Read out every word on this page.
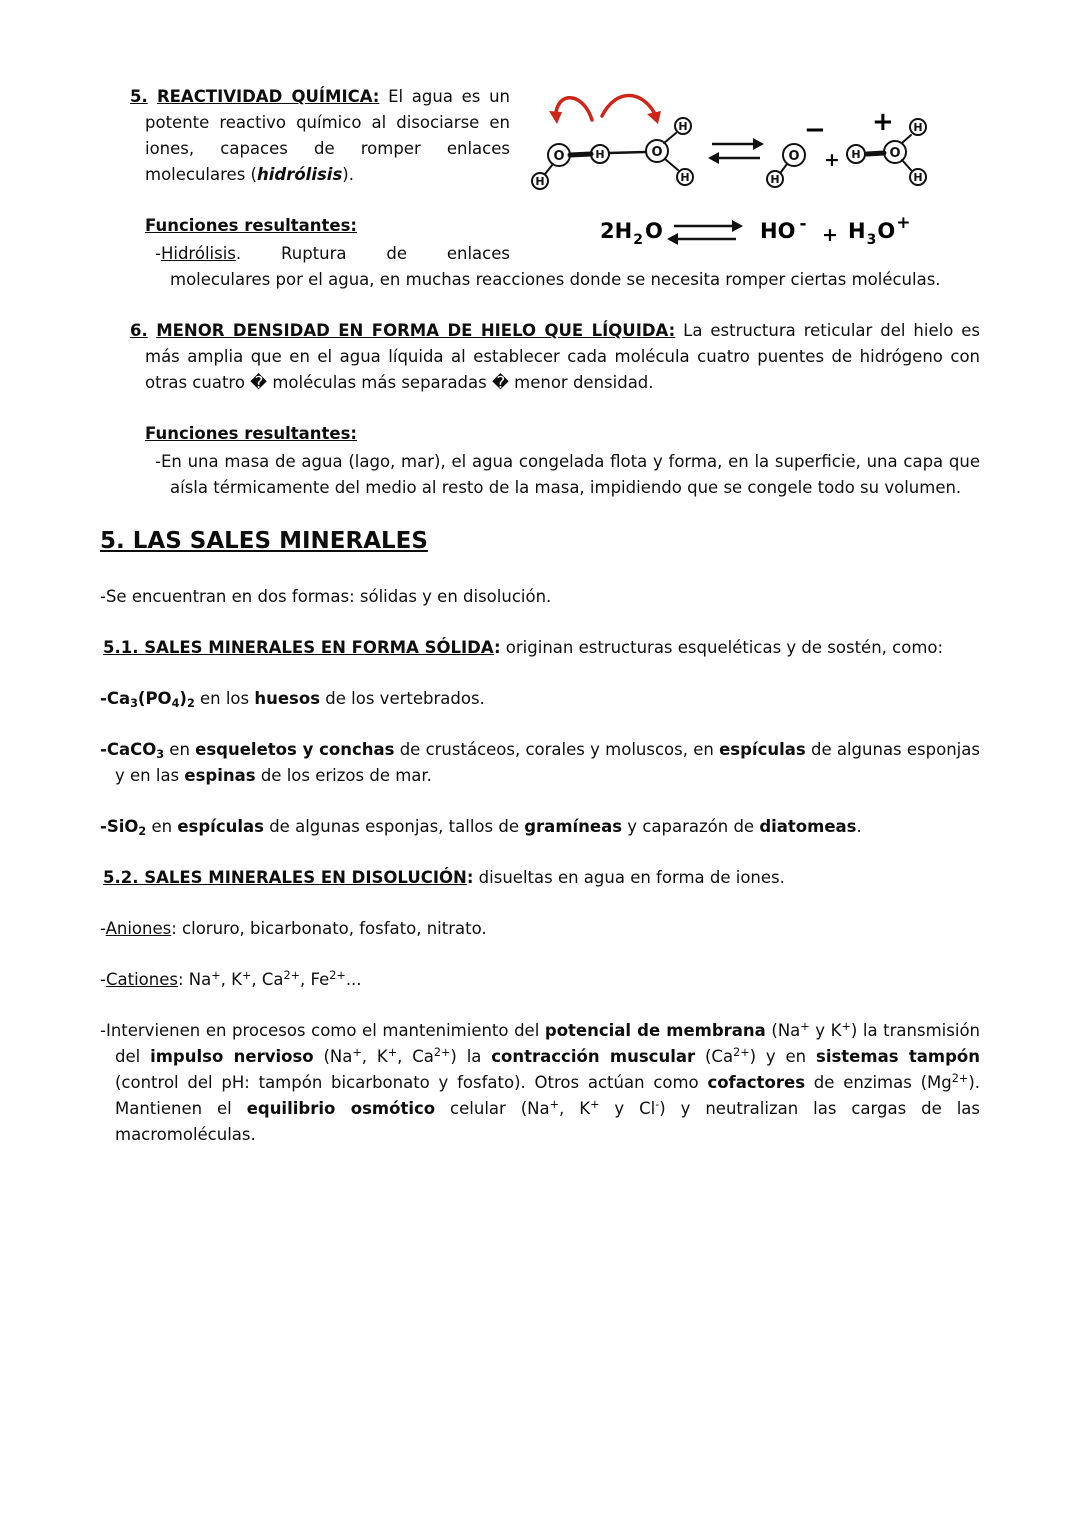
H
O	H	O
H
H	H
O	H O
H
H
−
+
+
$2H_2O$	HO $^- + H_3O^+$

5. REACTIVIDAD QUÍMICA: El agua es un potente reactivo químico al disociarse en iones, capaces de romper enlaces moleculares (hidrólisis).

Funciones resultantes:

-Hidrólisis. Ruptura de enlaces moleculares por el agua, en muchas reacciones donde se necesita romper ciertas moléculas.

6. MENOR DENSIDAD EN FORMA DE HIELO QUE LÍQUIDA: La estructura reticular del hielo es más amplia que en el agua líquida al establecer cada molécula cuatro puentes de hidrógeno con otras cuatro � moléculas más separadas � menor densidad.

Funciones resultantes:

-En una masa de agua (lago, mar), el agua congelada flota y forma, en la superficie, una capa que aísla térmicamente del medio al resto de la masa, impidiendo que se congele todo su volumen.

5. LAS SALES MINERALES

-Se encuentran en dos formas: sólidas y en disolución.

5.1. SALES MINERALES EN FORMA SÓLIDA: originan estructuras esqueléticas y de sostén, como:

$-Ca_3(PO_4)_2$ en los huesos de los vertebrados.

-CaCO$_3$ en esqueletos y conchas de crustáceos, corales y moluscos, en espículas de algunas esponjas y en las espinas de los erizos de mar.

-SiO$_2$ en espículas de algunas esponjas, tallos de gramíneas y caparazón de diatomeas.

5.2. SALES MINERALES EN DISOLUCIÓN: disueltas en agua en forma de iones.

-Aniones: cloruro, bicarbonato, fosfato, nitrato.

-Cationes: Na+, K+, $Ca^{2+}$, $Fe^{2+}$...

-Intervienen en procesos como el mantenimiento del potencial de membrana (Na+ y K+) la transmisión del impulso nervioso (Na+, K+, $Ca^{2+}$) la contracción muscular $(Ca^{2+})$ y en sistemas tampón (control del pH: tampón bicarbonato y fosfato). Otros actúan como cofactores de enzimas $(Mg^{2+})$. Mantienen el equilibrio osmótico celular (Na+, K+ y Cl-) y neutralizan las cargas de las macromoléculas.
